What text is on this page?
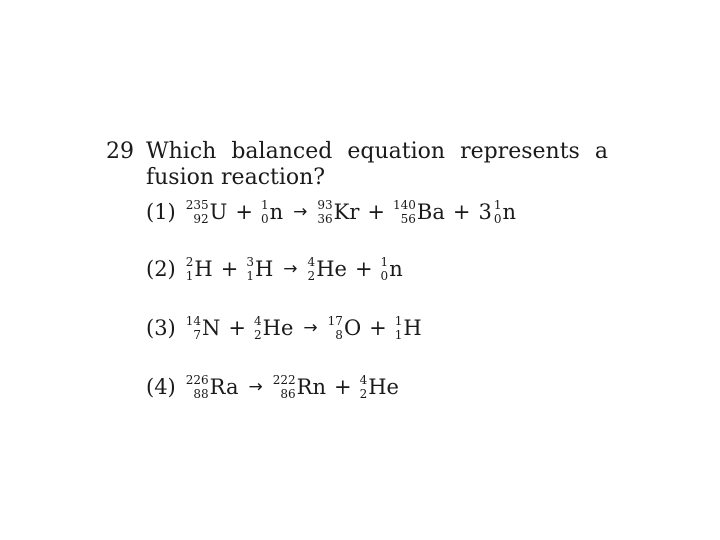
29 Which balanced equation represents a fusion reaction?
(1) 235
92 U + 1
0 n → 93
36 Kr + 140
56 Ba + 3 1
0 n
(2) 2
1 H + 3
1 H → 4
2 He + 1
0 n
(3) 14
7 N + 4
2 He → 17
8 O + 1
1 H
(4) 226
88 Ra → 222
86 Rn + 4
2 He
